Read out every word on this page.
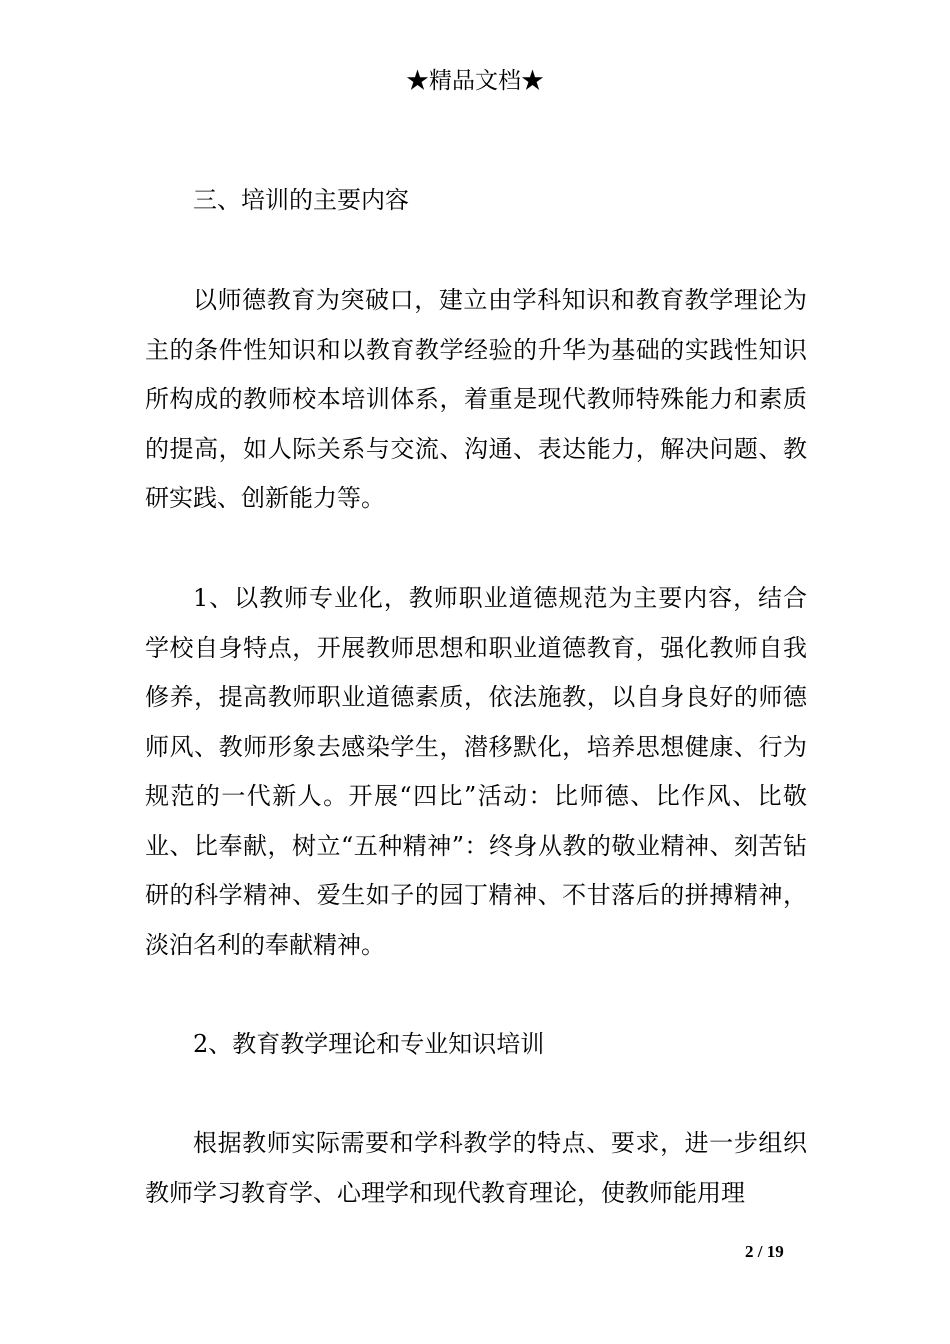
★精品文档★

三、培训的主要内容

以师德教育为突破口，建立由学科知识和教育教学理论为主的条件性知识和以教育教学经验的升华为基础的实践性知识所构成的教师校本培训体系，着重是现代教师特殊能力和素质的提高，如人际关系与交流、沟通、表达能力，解决问题、教研实践、创新能力等。

1、以教师专业化，教师职业道德规范为主要内容，结合学校自身特点，开展教师思想和职业道德教育，强化教师自我修养，提高教师职业道德素质，依法施教，以自身良好的师德师风、教师形象去感染学生，潜移默化，培养思想健康、行为规范的一代新人。开展“四比”活动：比师德、比作风、比敬业、比奉献，树立“五种精神”：终身从教的敬业精神、刻苦钻研的科学精神、爱生如子的园丁精神、不甘落后的拼搏精神，淡泊名利的奉献精神。

2、教育教学理论和专业知识培训

根据教师实际需要和学科教学的特点、要求，进一步组织教师学习教育学、心理学和现代教育理论，使教师能用理

2 / 19
